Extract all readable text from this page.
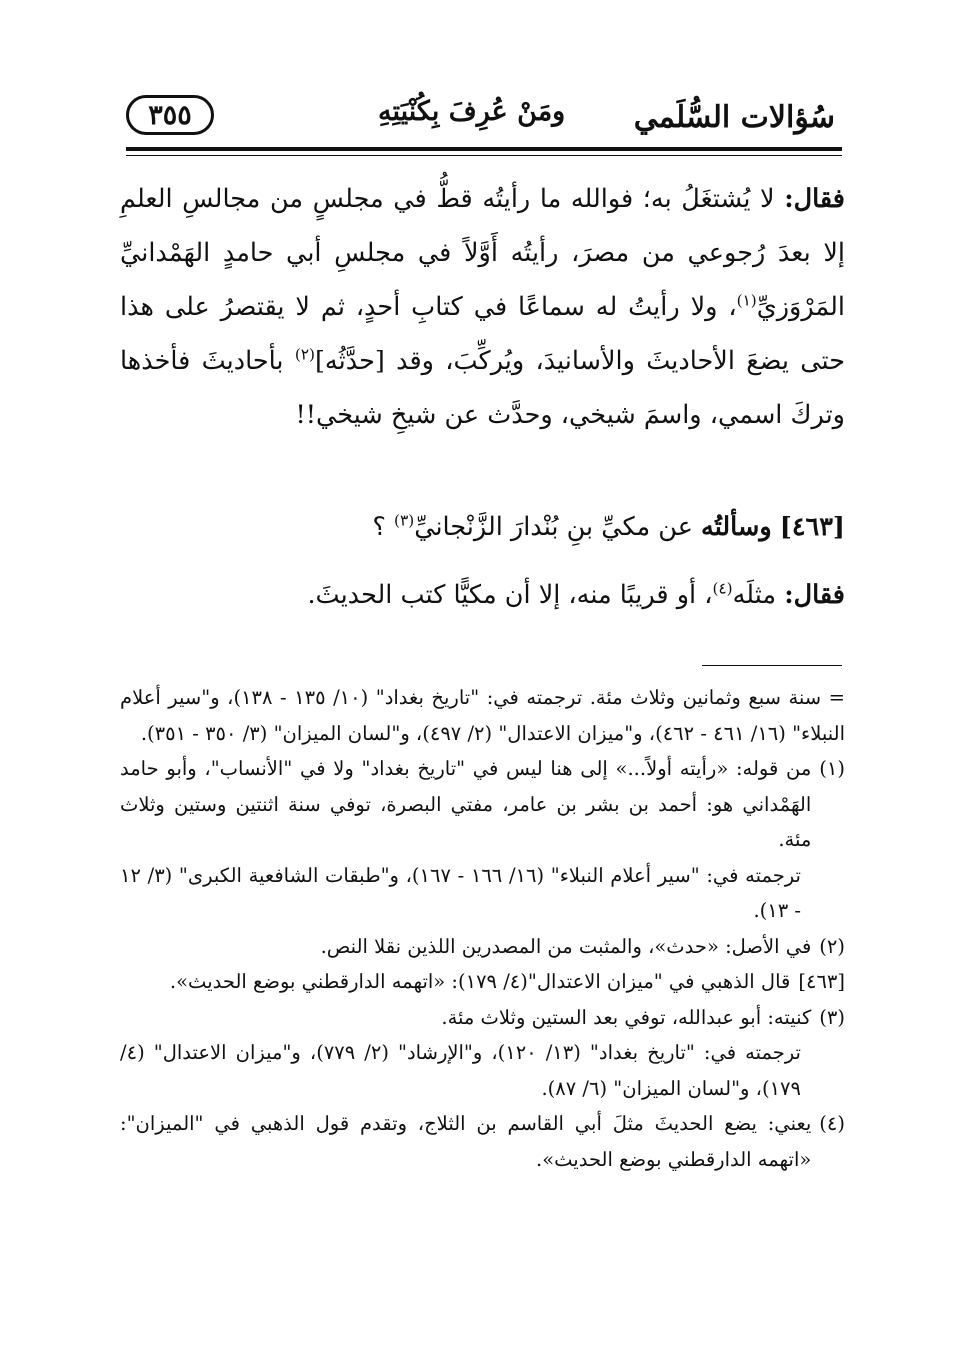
سُؤالات السُّلَمي
ومَنْ عُرِفَ بِكُنْيَتِهِ
٣٥٥

فقال: لا يُشتغَلُ به؛ فوالله ما رأيتُه قطُّ في مجلسٍ من مجالسِ العلمِ إلا بعدَ رُجوعي من مصرَ، رأيتُه أَوَّلاً في مجلسِ أبي حامدٍ الهَمْدانيِّ المَرْوَزيِّ$^{(١)}$، ولا رأيتُ له سماعًا في كتابِ أحدٍ، ثم لا يقتصرُ على هذا حتى يضعَ الأحاديثَ والأسانيدَ، ويُركِّبَ، وقد [حدَّثُه]$^{(٢)}$ بأحاديثَ فأخذها وتركَ اسمي، واسمَ شيخي، وحدَّث عن شيخِ شيخي!!

[٤٦٣] وسألتُه عن مكيِّ بنِ بُنْدارَ الزَّنْجانيِّ$^{(٣)}$ ؟
فقال: مثلَه$^{(٤)}$، أو قريبًا منه، إلا أن مكيًّا كتب الحديثَ.
= سنة سبع وثمانين وثلاث مئة. ترجمته في: "تاريخ بغداد" (١٠/ ١٣٥ - ١٣٨)، و"سير أعلام النبلاء" (١٦/ ٤٦١ - ٤٦٢)، و"ميزان الاعتدال" (٢/ ٤٩٧)، و"لسان الميزان" (٣/ ٣٥٠ - ٣٥١).
(١)
من قوله: «رأيته أولاً...» إلى هنا ليس في "تاريخ بغداد" ولا في "الأنساب"، وأبو حامد الهَمْداني هو: أحمد بن بشر بن عامر، مفتي البصرة، توفي سنة اثنتين وستين وثلاث مئة.
ترجمته في: "سير أعلام النبلاء" (١٦/ ١٦٦ - ١٦٧)، و"طبقات الشافعية الكبرى" (٣/ ١٢ - ١٣).
(٢)
في الأصل: «حدث»، والمثبت من المصدرين اللذين نقلا النص.
[٤٦٣]
قال الذهبي في "ميزان الاعتدال"(٤/ ١٧٩): «اتهمه الدارقطني بوضع الحديث».
(٣)
كنيته: أبو عبدالله، توفي بعد الستين وثلاث مئة.
ترجمته في: "تاريخ بغداد" (١٣/ ١٢٠)، و"الإرشاد" (٢/ ٧٧٩)، و"ميزان الاعتدال" (٤/ ١٧٩)، و"لسان الميزان" (٦/ ٨٧).
(٤)
يعني: يضع الحديثَ مثلَ أبي القاسم بن الثلاج، وتقدم قول الذهبي في "الميزان": «اتهمه الدارقطني بوضع الحديث».
